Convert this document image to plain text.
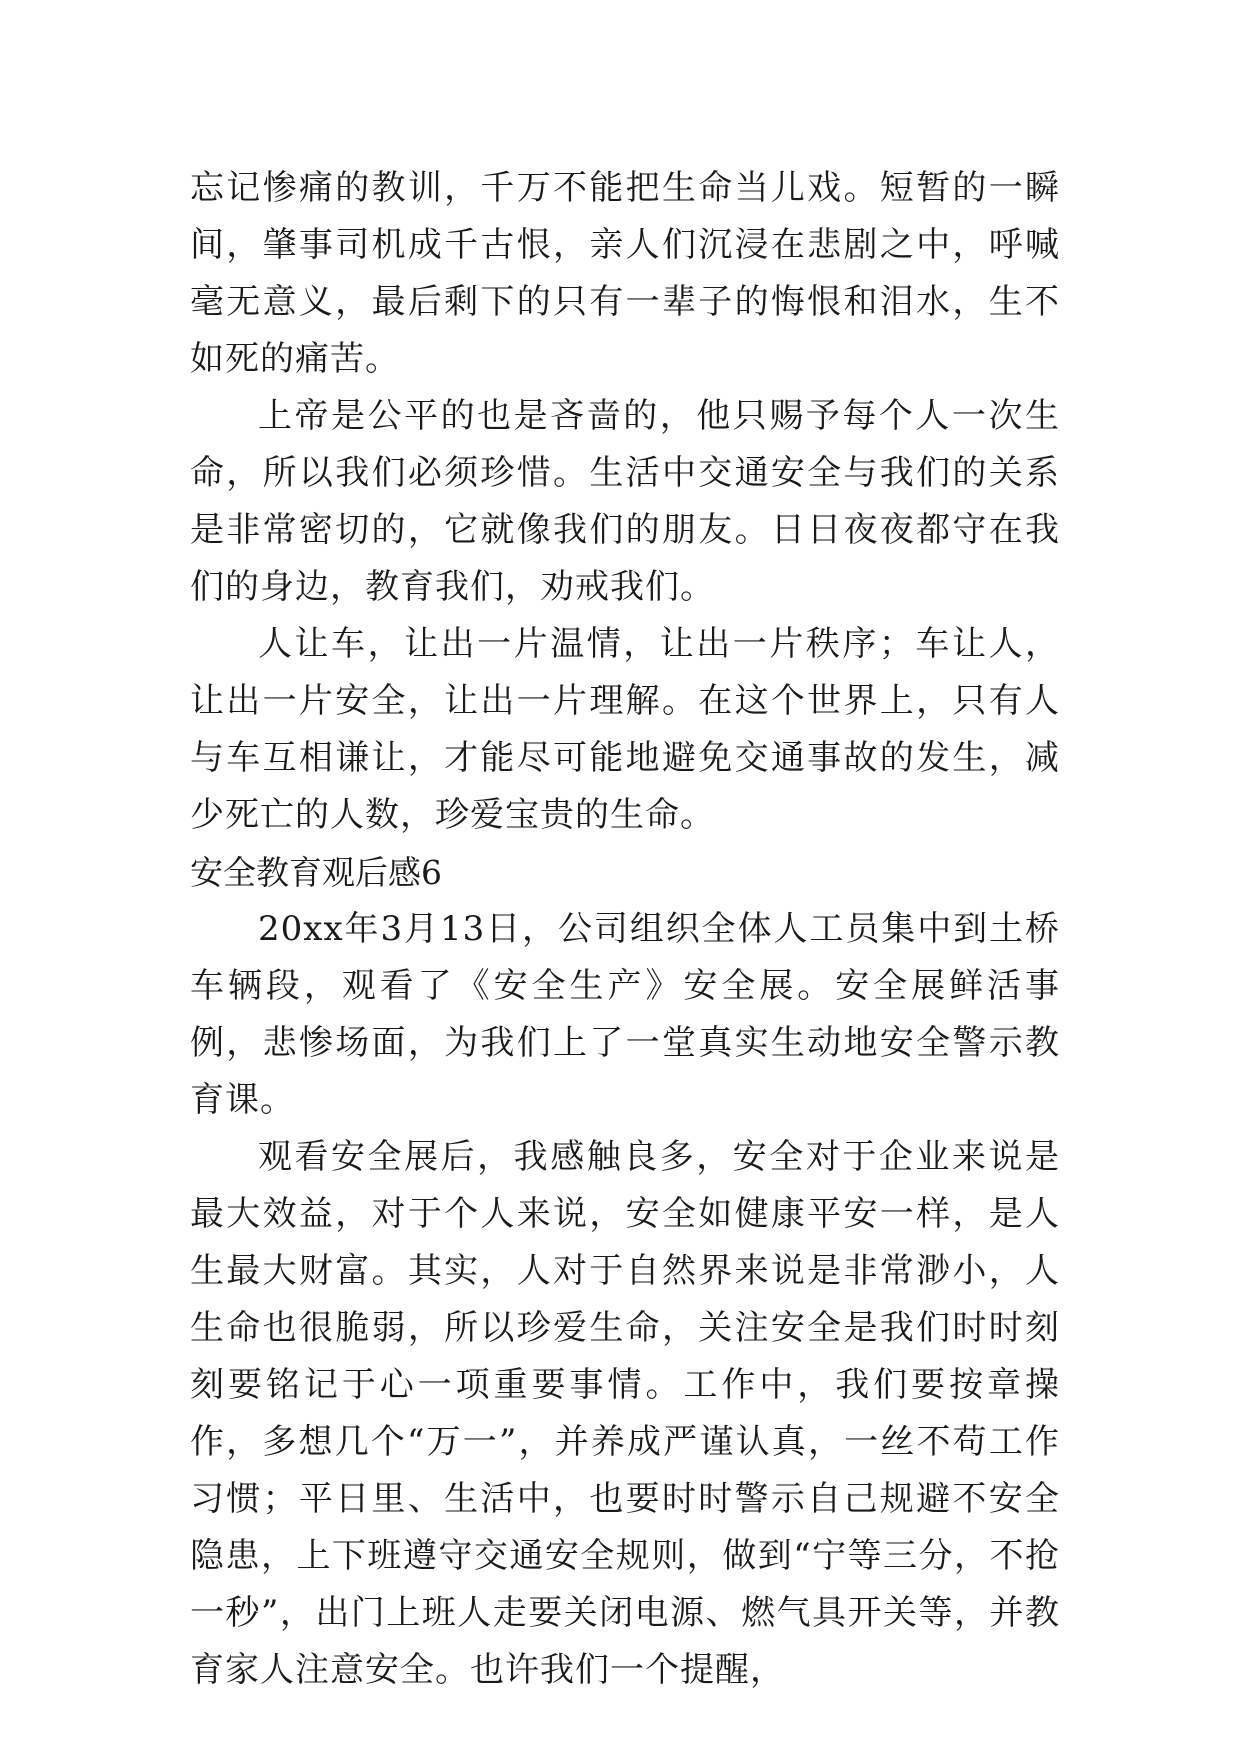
忘记惨痛的教训，千万不能把生命当儿戏。短暂的一瞬间，肇事司机成千古恨，亲人们沉浸在悲剧之中，呼喊毫无意义，最后剩下的只有一辈子的悔恨和泪水，生不如死的痛苦。

上帝是公平的也是吝啬的，他只赐予每个人一次生命，所以我们必须珍惜。生活中交通安全与我们的关系是非常密切的，它就像我们的朋友。日日夜夜都守在我们的身边，教育我们，劝戒我们。

人让车，让出一片温情，让出一片秩序；车让人，让出一片安全，让出一片理解。在这个世界上，只有人与车互相谦让，才能尽可能地避免交通事故的发生，减少死亡的人数，珍爱宝贵的生命。

安全教育观后感6

20xx年3月13日，公司组织全体人工员集中到土桥车辆段，观看了《安全生产》安全展。安全展鲜活事例，悲惨场面，为我们上了一堂真实生动地安全警示教育课。

观看安全展后，我感触良多，安全对于企业来说是最大效益，对于个人来说，安全如健康平安一样，是人生最大财富。其实，人对于自然界来说是非常渺小，人生命也很脆弱，所以珍爱生命，关注安全是我们时时刻刻要铭记于心一项重要事情。工作中，我们要按章操作，多想几个“万一”，并养成严谨认真，一丝不苟工作习惯；平日里、生活中，也要时时警示自己规避不安全隐患，上下班遵守交通安全规则，做到“宁等三分，不抢一秒”，出门上班人走要关闭电源、燃气具开关等，并教育家人注意安全。也许我们一个提醒，
